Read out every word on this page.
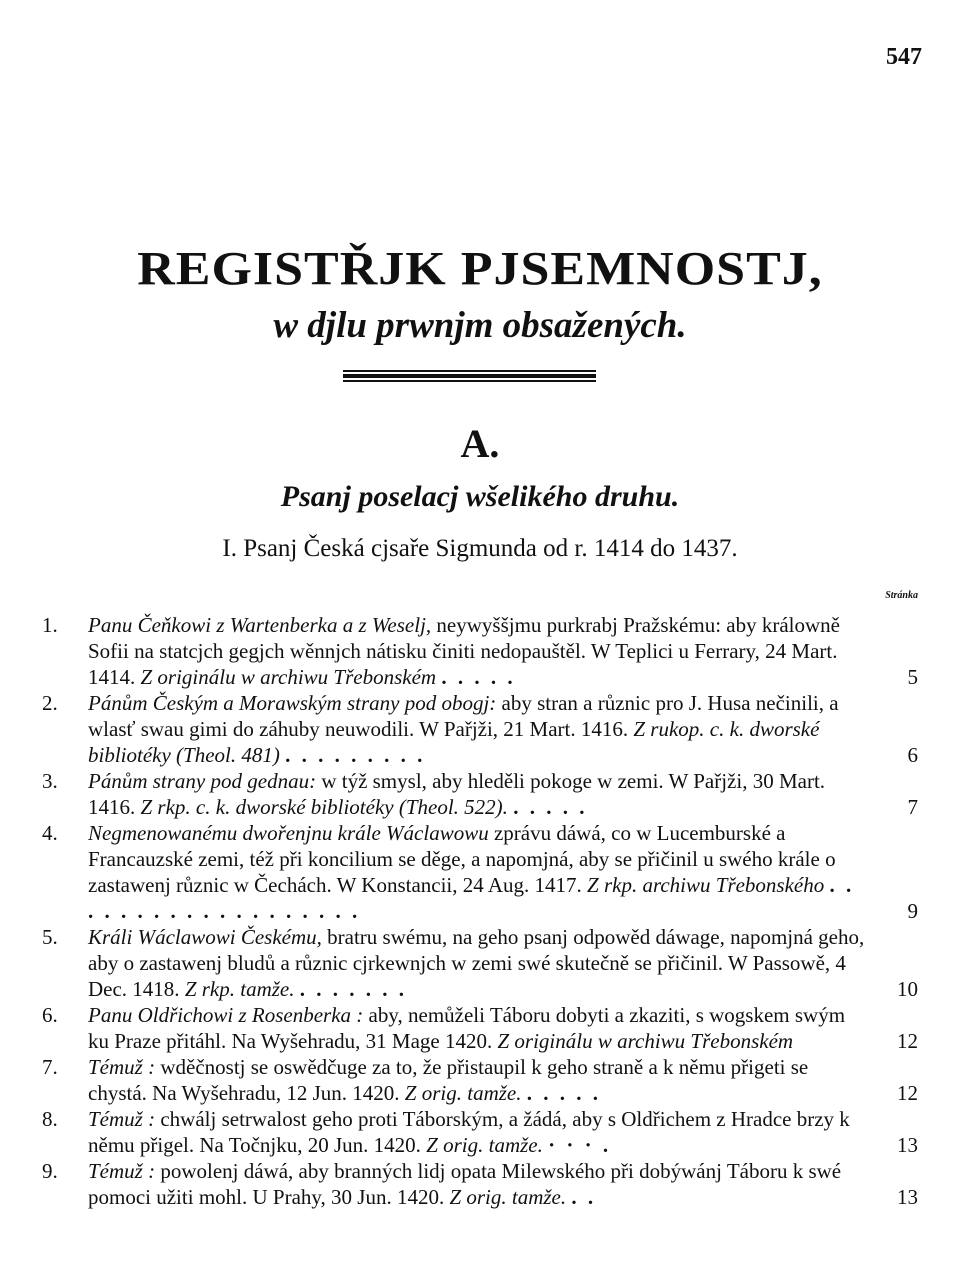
547
REGISTŘJK PJSEMNOSTJ,
w djlu prwnjm obsažených.
A.
Psanj poselacj wšelikého druhu.
I. Psanj Česká cjsaře Sigmunda od r. 1414 do 1437.
Stránka
1.	Panu Čeňkowi z Wartenberka a z Weselj, neywyššjmu purkrabj Pražskému: aby králowně Sofii na statcjch gegjch wěnnjch nátisku činiti nedopauštěl. W Teplici u Ferrary, 24 Mart. 1414. Z originálu w archiwu Třebonském . . . . .	5
2.	Pánům Českým a Morawským strany pod obogj: aby stran a různic pro J. Husa nečinili, a wlasť swau gimi do záhuby neuwodili. W Pařjži, 21 Mart. 1416. Z rukop. c. k. dworské bibliotéky (Theol. 481) . . . . . . . . .	6
3.	Pánům strany pod gednau: w týž smysl, aby hleděli pokoge w zemi. W Pařjži, 30 Mart. 1416. Z rkp. c. k. dworské bibliotéky (Theol. 522). . . . . .	7
4.	Negmenowanému dwořenjnu krále Wáclawowu zprávu dáwá, co w Lucemburské a Francauzské zemi, též při koncilium se děge, a napomjná, aby se přičinil u swého krále o zastawenj různic w Čechách. W Konstancii, 24 Aug. 1417. Z rkp. archiwu Třebonského . . . . . . . . . . . . . . . . . . .	9
5.	Králi Wáclawowi Českému, bratru swému, na geho psanj odpowěd dáwage, napomjná geho, aby o zastawenj bludů a různic cjrkewnjch w zemi swé skutečně se přičinil. W Passowě, 4 Dec. 1418. Z rkp. tamže. . . . . . . .	10
6.	Panu Oldřichowi z Rosenberka : aby, nemůželi Táboru dobyti a zkaziti, s wogskem swým ku Praze přitáhl. Na Wyšehradu, 31 Mage 1420. Z originálu w archiwu Třebonském	12
7.	Témuž : wděčnostj se oswědčuge za to, že přistaupil k geho straně a k němu přigeti se chystá. Na Wyšehradu, 12 Jun. 1420. Z orig. tamže. . . . . .	12
8.	Témuž : chwálj setrwalost geho proti Táborským, a žádá, aby s Oldřichem z Hradce brzy k němu přigel. Na Točnjku, 20 Jun. 1420. Z orig. tamže. · · · .	13
9.	Témuž : powolenj dáwá, aby branných lidj opata Milewského při dobýwánj Táboru k swé pomoci užiti mohl. U Prahy, 30 Jun. 1420. Z orig. tamže. . .	13
